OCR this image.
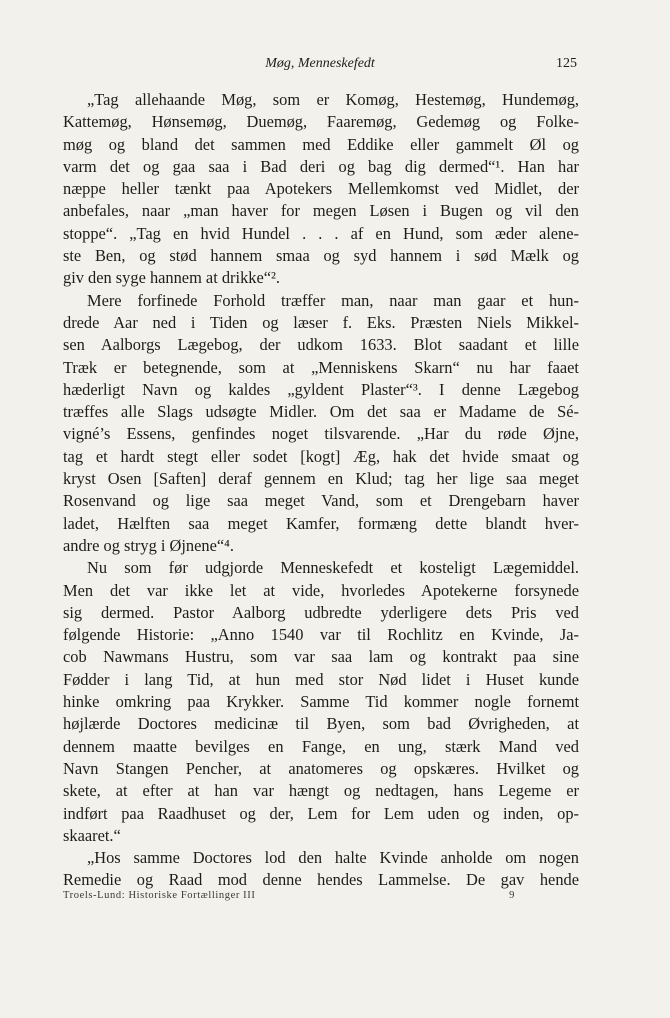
Møg, Menneskefedt	125
„Tag allehaande Møg, som er Komøg, Hestemøg, Hundemøg,
Kattemøg, Hønsemøg, Duemøg, Faaremøg, Gedemøg og Folke-
møg og bland det sammen med Eddike eller gammelt Øl og
varm det og gaa saa i Bad deri og bag dig dermed“¹. Han har
næppe heller tænkt paa Apotekers Mellemkomst ved Midlet, der
anbefales, naar „man haver for megen Løsen i Bugen og vil den
stoppe“. „Tag en hvid Hundel . . . af en Hund, som æder alene-
ste Ben, og stød hannem smaa og syd hannem i sød Mælk og
giv den syge hannem at drikke“².
Mere forfinede Forhold træffer man, naar man gaar et hun-
drede Aar ned i Tiden og læser f. Eks. Præsten Niels Mikkel-
sen Aalborgs Lægebog, der udkom 1633. Blot saadant et lille
Træk er betegnende, som at „Menniskens Skarn“ nu har faaet
hæderligt Navn og kaldes „gyldent Plaster“³. I denne Lægebog
træffes alle Slags udsøgte Midler. Om det saa er Madame de Sé-
vigné’s Essens, genfindes noget tilsvarende. „Har du røde Øjne,
tag et hardt stegt eller sodet [kogt] Æg, hak det hvide smaat og
kryst Osen [Saften] deraf gennem en Klud; tag her lige saa meget
Rosenvand og lige saa meget Vand, som et Drengebarn haver
ladet, Hælften saa meget Kamfer, formæng dette blandt hver-
andre og stryg i Øjnene“⁴.
Nu som før udgjorde Menneskefedt et kosteligt Lægemiddel.
Men det var ikke let at vide, hvorledes Apotekerne forsynede
sig dermed. Pastor Aalborg udbredte yderligere dets Pris ved
følgende Historie: „Anno 1540 var til Rochlitz en Kvinde, Ja-
cob Nawmans Hustru, som var saa lam og kontrakt paa sine
Fødder i lang Tid, at hun med stor Nød lidet i Huset kunde
hinke omkring paa Krykker. Samme Tid kommer nogle fornemt
højlærde Doctores medicinæ til Byen, som bad Øvrigheden, at
dennem maatte bevilges en Fange, en ung, stærk Mand ved
Navn Stangen Pencher, at anatomeres og opskæres. Hvilket og
skete, at efter at han var hængt og nedtagen, hans Legeme er
indført paa Raadhuset og der, Lem for Lem uden og inden, op-
skaaret.“
„Hos samme Doctores lod den halte Kvinde anholde om nogen
Remedie og Raad mod denne hendes Lammelse. De gav hende
Troels-Lund: Historiske Fortællinger III	9
